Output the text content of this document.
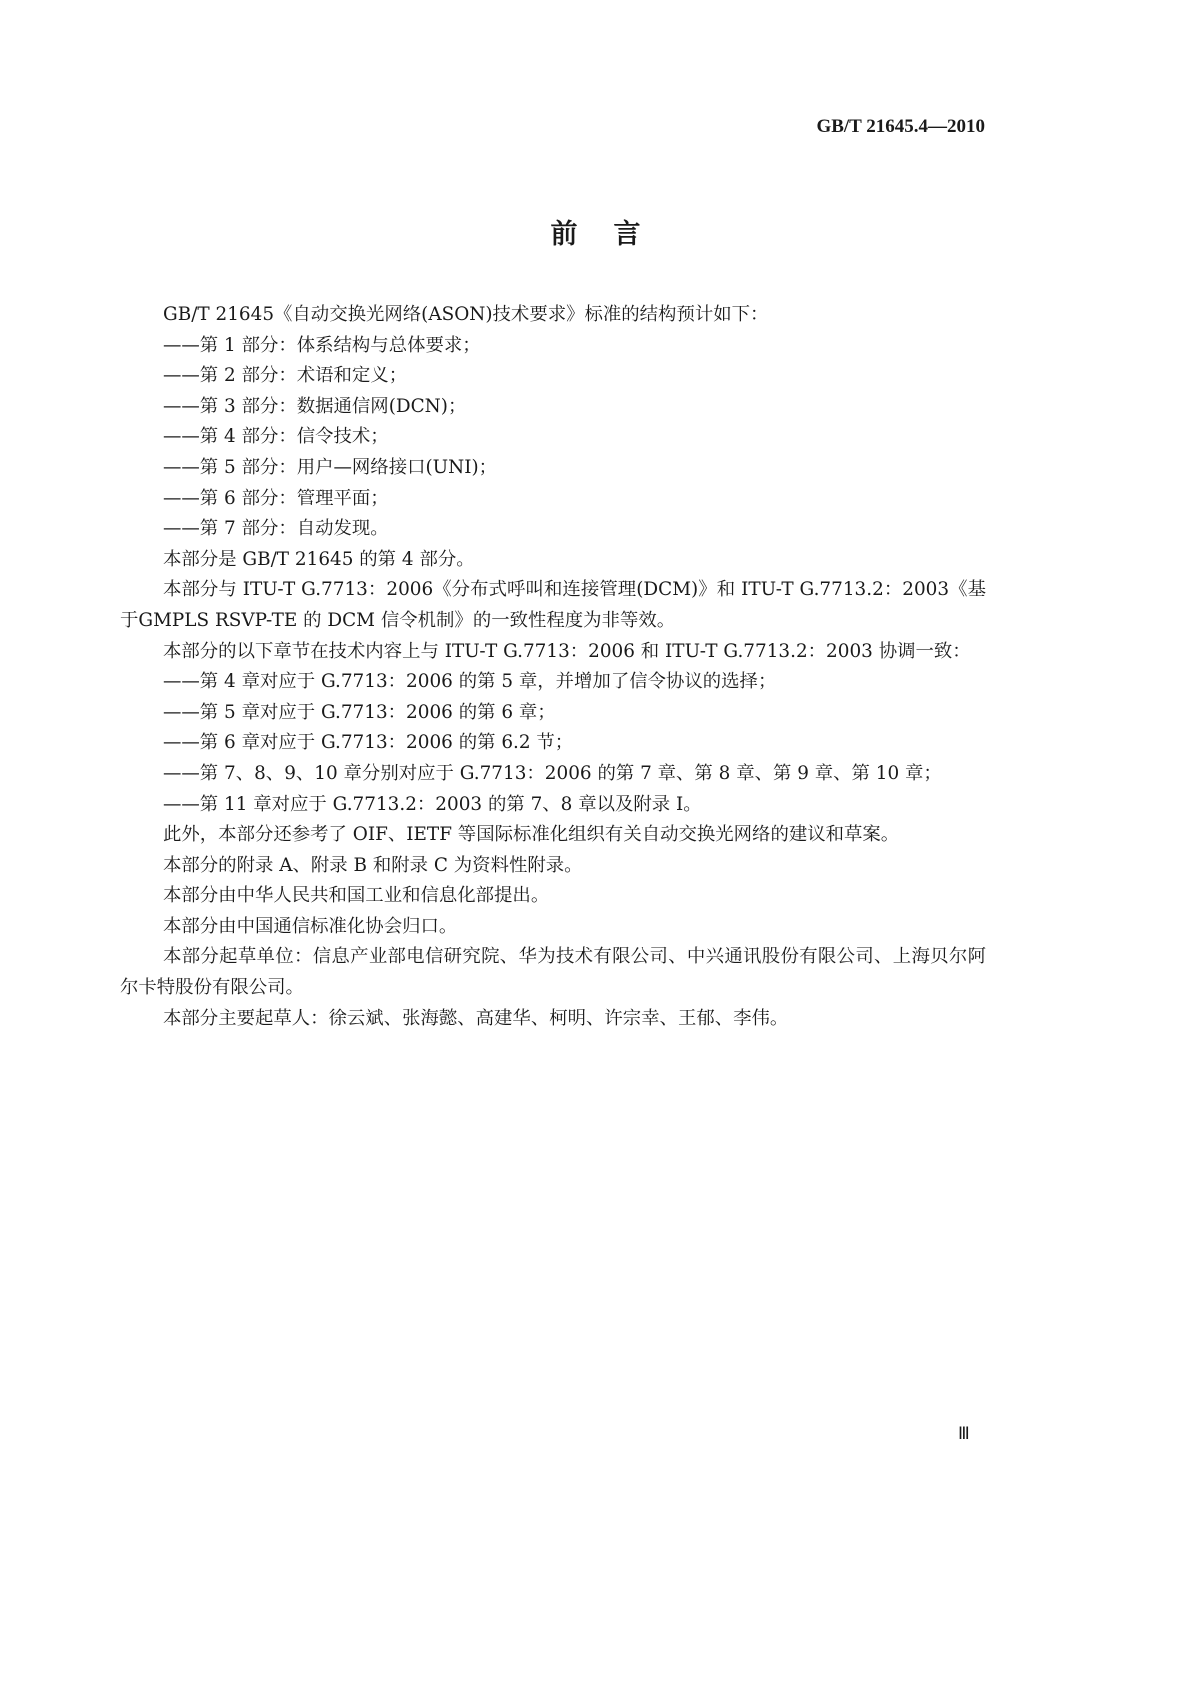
GB/T 21645.4—2010
前言

GB/T 21645《自动交换光网络(ASON)技术要求》标准的结构预计如下：

——第 1 部分：体系结构与总体要求；

——第 2 部分：术语和定义；

——第 3 部分：数据通信网(DCN)；

——第 4 部分：信令技术；

——第 5 部分：用户—网络接口(UNI)；

——第 6 部分：管理平面；

——第 7 部分：自动发现。

本部分是 GB/T 21645 的第 4 部分。

本部分与 ITU-T G.7713：2006《分布式呼叫和连接管理(DCM)》和 ITU-T G.7713.2：2003《基于GMPLS RSVP-TE 的 DCM 信令机制》的一致性程度为非等效。

本部分的以下章节在技术内容上与 ITU-T G.7713：2006 和 ITU-T G.7713.2：2003 协调一致：

——第 4 章对应于 G.7713：2006 的第 5 章，并增加了信令协议的选择；

——第 5 章对应于 G.7713：2006 的第 6 章；

——第 6 章对应于 G.7713：2006 的第 6.2 节；

——第 7、8、9、10 章分别对应于 G.7713：2006 的第 7 章、第 8 章、第 9 章、第 10 章；

——第 11 章对应于 G.7713.2：2003 的第 7、8 章以及附录 I。

此外，本部分还参考了 OIF、IETF 等国际标准化组织有关自动交换光网络的建议和草案。

本部分的附录 A、附录 B 和附录 C 为资料性附录。

本部分由中华人民共和国工业和信息化部提出。

本部分由中国通信标准化协会归口。

本部分起草单位：信息产业部电信研究院、华为技术有限公司、中兴通讯股份有限公司、上海贝尔阿尔卡特股份有限公司。

本部分主要起草人：徐云斌、张海懿、高建华、柯明、许宗幸、王郁、李伟。

Ⅲ
